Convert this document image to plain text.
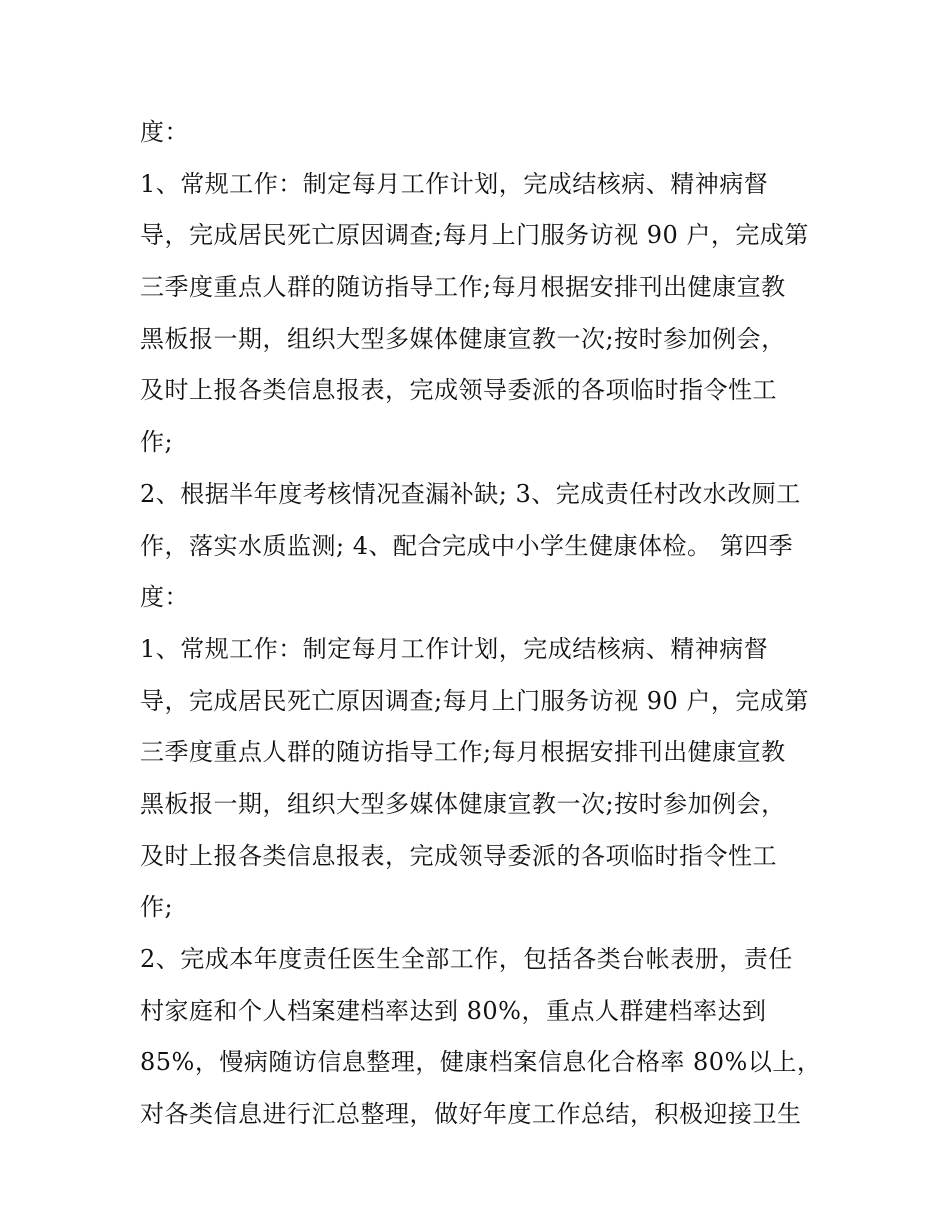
度：
1、常规工作：制定每月工作计划，完成结核病、精神病督
导，完成居民死亡原因调查;每月上门服务访视 90 户，完成第
三季度重点人群的随访指导工作;每月根据安排刊出健康宣教
黑板报一期，组织大型多媒体健康宣教一次;按时参加例会，
及时上报各类信息报表，完成领导委派的各项临时指令性工
作;
2、根据半年度考核情况查漏补缺; 3、完成责任村改水改厕工
作，落实水质监测; 4、配合完成中小学生健康体检。 第四季
度：
1、常规工作：制定每月工作计划，完成结核病、精神病督
导，完成居民死亡原因调查;每月上门服务访视 90 户，完成第
三季度重点人群的随访指导工作;每月根据安排刊出健康宣教
黑板报一期，组织大型多媒体健康宣教一次;按时参加例会，
及时上报各类信息报表，完成领导委派的各项临时指令性工
作;
2、完成本年度责任医生全部工作，包括各类台帐表册，责任
村家庭和个人档案建档率达到 80%，重点人群建档率达到
85%，慢病随访信息整理，健康档案信息化合格率 80%以上，
对各类信息进行汇总整理，做好年度工作总结，积极迎接卫生
